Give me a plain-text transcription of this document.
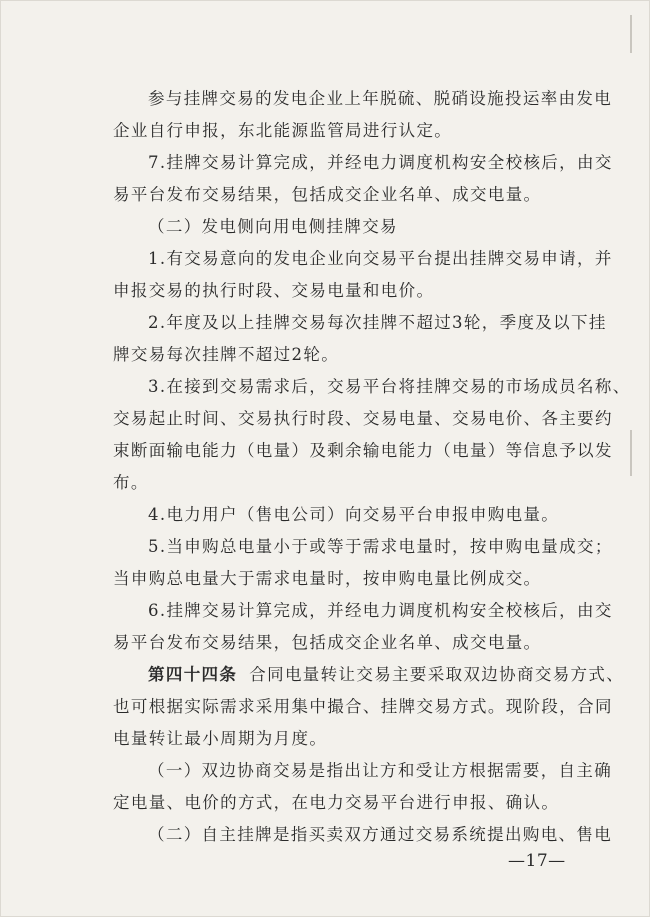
参与挂牌交易的发电企业上年脱硫、脱硝设施投运率由发电
企业自行申报，东北能源监管局进行认定。
7.挂牌交易计算完成，并经电力调度机构安全校核后，由交
易平台发布交易结果，包括成交企业名单、成交电量。
（二）发电侧向用电侧挂牌交易
1.有交易意向的发电企业向交易平台提出挂牌交易申请，并
申报交易的执行时段、交易电量和电价。
2.年度及以上挂牌交易每次挂牌不超过3轮，季度及以下挂
牌交易每次挂牌不超过2轮。
3.在接到交易需求后，交易平台将挂牌交易的市场成员名称、
交易起止时间、交易执行时段、交易电量、交易电价、各主要约
束断面输电能力（电量）及剩余输电能力（电量）等信息予以发
布。
4.电力用户（售电公司）向交易平台申报申购电量。
5.当申购总电量小于或等于需求电量时，按申购电量成交；
当申购总电量大于需求电量时，按申购电量比例成交。
6.挂牌交易计算完成，并经电力调度机构安全校核后，由交
易平台发布交易结果，包括成交企业名单、成交电量。
第四十四条 合同电量转让交易主要采取双边协商交易方式、
也可根据实际需求采用集中撮合、挂牌交易方式。现阶段，合同
电量转让最小周期为月度。
（一）双边协商交易是指出让方和受让方根据需要，自主确
定电量、电价的方式，在电力交易平台进行申报、确认。
（二）自主挂牌是指买卖双方通过交易系统提出购电、售电
—17—
